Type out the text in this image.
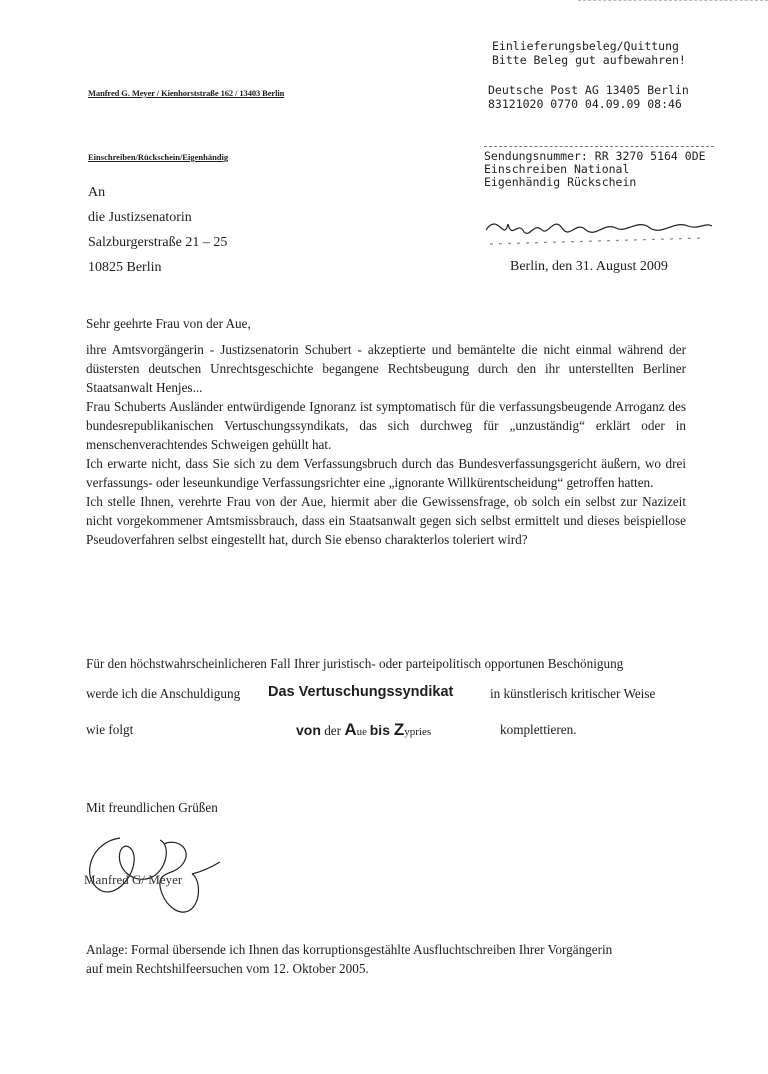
Einlieferungsbeleg/Quittung
Bitte Beleg gut aufbewahren!
Deutsche Post AG 13405 Berlin
83121020 0770 04.09.09 08:46
Sendungsnummer: RR 3270 5164 0DE
Einschreiben National
Eigenhändig Rückschein
Manfred G. Meyer / Kienhorststraße 162 / 13403 Berlin
Einschreiben/Rückschein/Eigenhändig
An
die Justizsenatorin
Salzburgerstraße 21 – 25
10825 Berlin	Berlin, den 31. August 2009
Sehr geehrte Frau von der Aue,

ihre Amtsvorgängerin - Justizsenatorin Schubert - akzeptierte und bemäntelte die nicht einmal während der düstersten deutschen Unrechtsgeschichte begangene Rechtsbeugung durch den ihr unterstellten Berliner Staatsanwalt Henjes...

Frau Schuberts Ausländer entwürdigende Ignoranz ist symptomatisch für die verfassungsbeugende Arroganz des bundesrepublikanischen Vertuschungssyndikats, das sich durchweg für „unzuständig“ erklärt oder in menschenverachtendes Schweigen gehüllt hat.

Ich erwarte nicht, dass Sie sich zu dem Verfassungsbruch durch das Bundesverfassungsgericht äußern, wo drei verfassungs- oder leseunkundige Verfassungsrichter eine „ignorante Willkürentscheidung“ getroffen hatten.

Ich stelle Ihnen, verehrte Frau von der Aue, hiermit aber die Gewissensfrage, ob solch ein selbst zur Nazizeit nicht vorgekommener Amtsmissbrauch, dass ein Staatsanwalt gegen sich selbst ermittelt und dieses beispiellose Pseudoverfahren selbst eingestellt hat, durch Sie ebenso charakterlos toleriert wird?

Für den höchstwahrscheinlicheren Fall Ihrer juristisch- oder parteipolitisch opportunen Beschönigung
werde ich die Anschuldigung Das Vertuschungssyndikat	in künstlerisch kritischer Weise
wie folgt	von der Aue bis Zypries	komplettieren.
Mit freundlichen Grüßen
Manfred G/ Meyer
Anlage: Formal übersende ich Ihnen das korruptionsgestählte Ausfluchtschreiben Ihrer Vorgängerin
auf mein Rechtshilfeersuchen vom 12. Oktober 2005.
